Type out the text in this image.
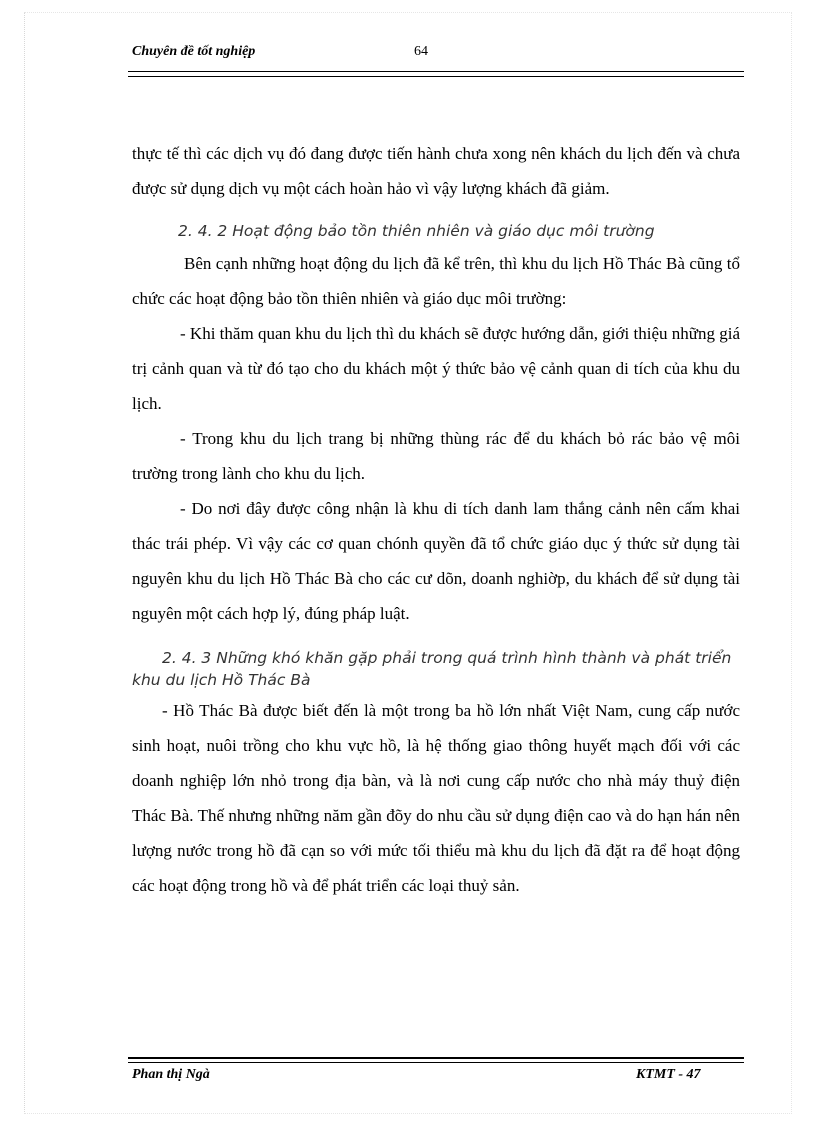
Chuyên đề tốt nghiệp	64

thực tế thì các dịch vụ đó đang được tiến hành chưa xong nên khách du lịch đến và chưa được sử dụng dịch vụ một cách hoàn hảo vì vậy lượng khách đã giảm.

2. 4. 2 Hoạt động bảo tồn thiên nhiên và giáo dục môi trường

Bên cạnh những hoạt động du lịch đã kể trên, thì khu du lịch Hồ Thác Bà cũng tổ chức các hoạt động bảo tồn thiên nhiên và giáo dục môi trường:

- Khi thăm quan khu du lịch thì du khách sẽ được hướng dẫn, giới thiệu những giá trị cảnh quan và từ đó tạo cho du khách một ý thức bảo vệ cảnh quan di tích của khu du lịch.

- Trong khu du lịch trang bị những thùng rác để du khách bỏ rác bảo vệ môi trường trong lành cho khu du lịch.

- Do nơi đây được công nhận là khu di tích danh lam thắng cảnh nên cấm khai thác trái phép. Vì vậy các cơ quan chónh quyền đã tổ chức giáo dục ý thức sử dụng tài nguyên khu du lịch Hồ Thác Bà cho các cư dõn, doanh nghiờp, du khách để sử dụng tài nguyên một cách hợp lý, đúng pháp luật.

2. 4. 3 Những khó khăn gặp phải trong quá trình hình thành và phát triển
khu du lịch Hồ Thác Bà

- Hồ Thác Bà được biết đến là một trong ba hồ lớn nhất Việt Nam, cung cấp nước sinh hoạt, nuôi trồng cho khu vực hồ, là hệ thống giao thông huyết mạch đối với các doanh nghiệp lớn nhỏ trong địa bàn, và là nơi cung cấp nước cho nhà máy thuỷ điện Thác Bà. Thế nhưng những năm gần đõy do nhu cầu sử dụng điện cao và do hạn hán nên lượng nước trong hồ đã cạn so với mức tối thiểu mà khu du lịch đã đặt ra để hoạt động các hoạt động trong hồ và để phát triển các loại thuỷ sản.

Phan thị Ngà	KTMT - 47
